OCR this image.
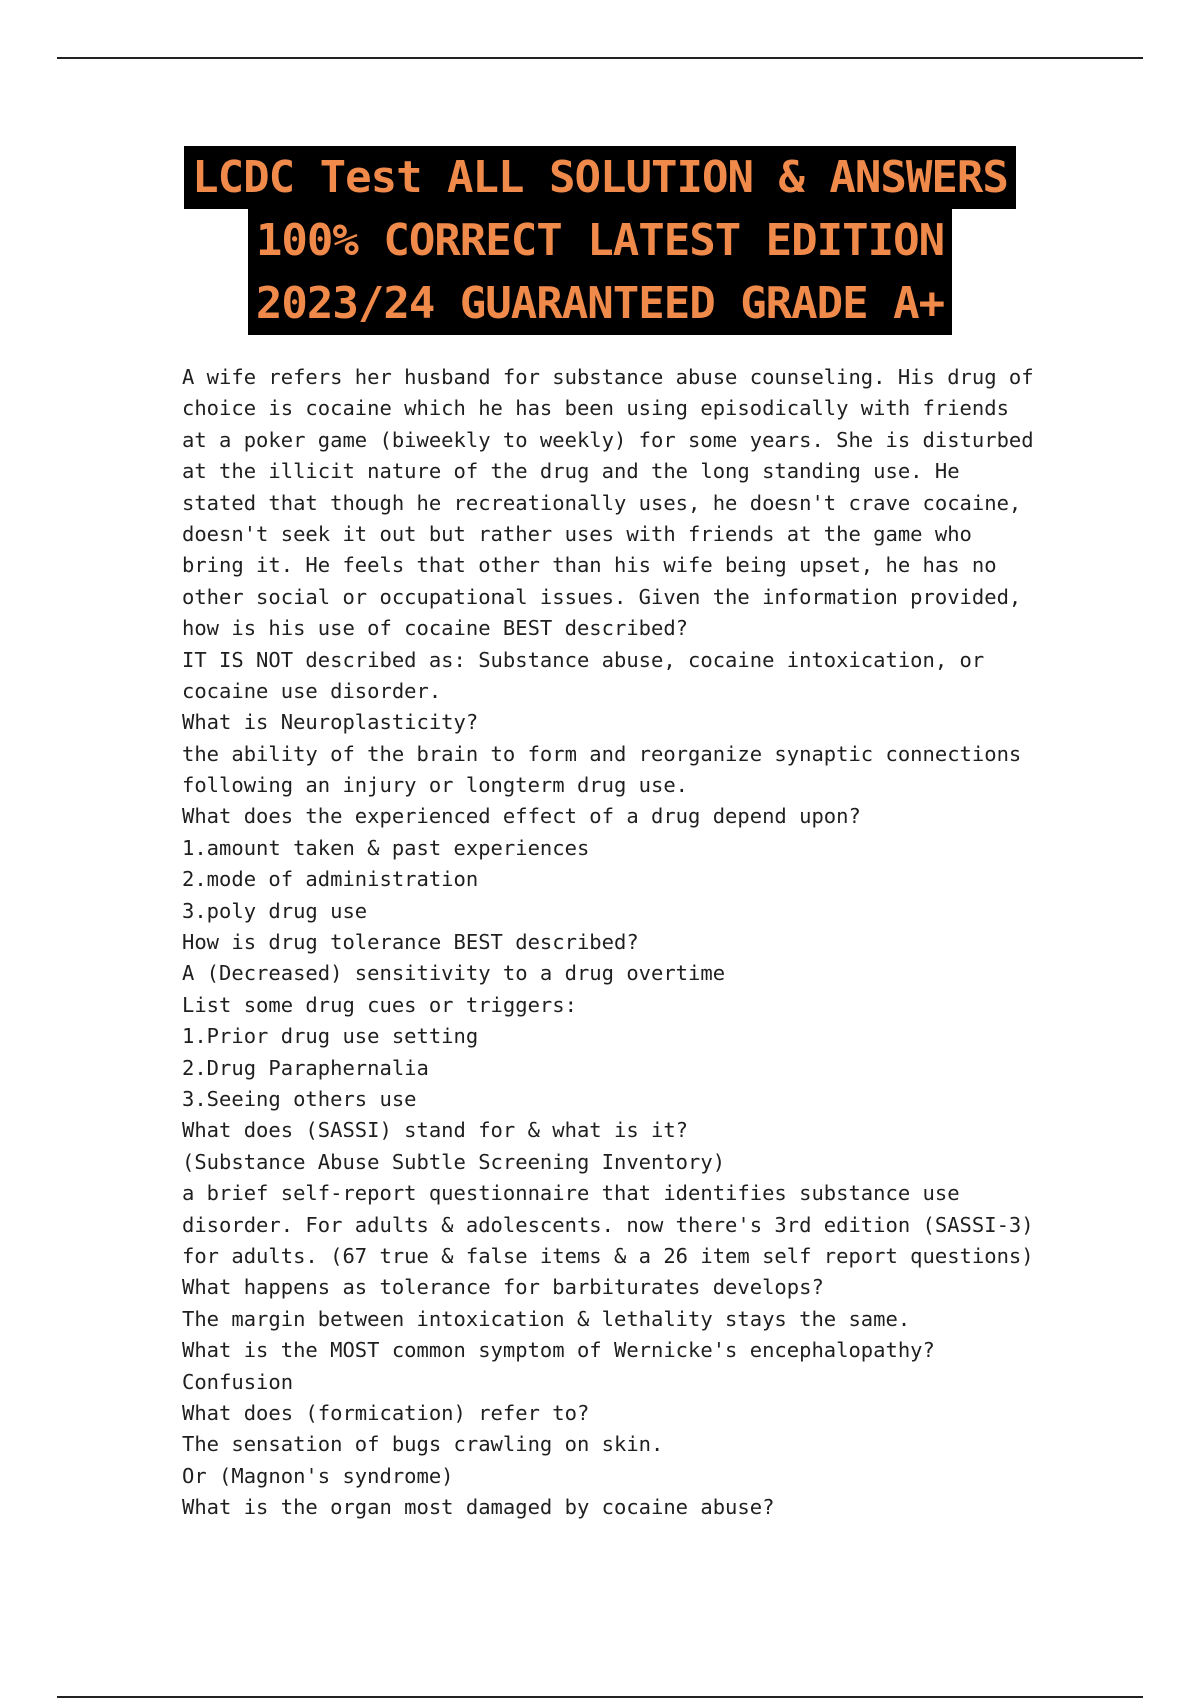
LCDC Test ALL SOLUTION & ANSWERS
100% CORRECT LATEST EDITION
2023/24 GUARANTEED GRADE A+
A wife refers her husband for substance abuse counseling. His drug of
choice is cocaine which he has been using episodically with friends
at a poker game (biweekly to weekly) for some years. She is disturbed
at the illicit nature of the drug and the long standing use. He
stated that though he recreationally uses, he doesn't crave cocaine,
doesn't seek it out but rather uses with friends at the game who
bring it. He feels that other than his wife being upset, he has no
other social or occupational issues. Given the information provided,
how is his use of cocaine BEST described?
IT IS NOT described as: Substance abuse, cocaine intoxication, or
cocaine use disorder.
What is Neuroplasticity?
the ability of the brain to form and reorganize synaptic connections
following an injury or longterm drug use.
What does the experienced effect of a drug depend upon?
1.amount taken & past experiences
2.mode of administration
3.poly drug use
How is drug tolerance BEST described?
A (Decreased) sensitivity to a drug overtime
List some drug cues or triggers:
1.Prior drug use setting
2.Drug Paraphernalia
3.Seeing others use
What does (SASSI) stand for & what is it?
(Substance Abuse Subtle Screening Inventory)
a brief self-report questionnaire that identifies substance use
disorder. For adults & adolescents. now there's 3rd edition (SASSI-3)
for adults. (67 true & false items & a 26 item self report questions)
What happens as tolerance for barbiturates develops?
The margin between intoxication & lethality stays the same.
What is the MOST common symptom of Wernicke's encephalopathy?
Confusion
What does (formication) refer to?
The sensation of bugs crawling on skin.
Or (Magnon's syndrome)
What is the organ most damaged by cocaine abuse?
